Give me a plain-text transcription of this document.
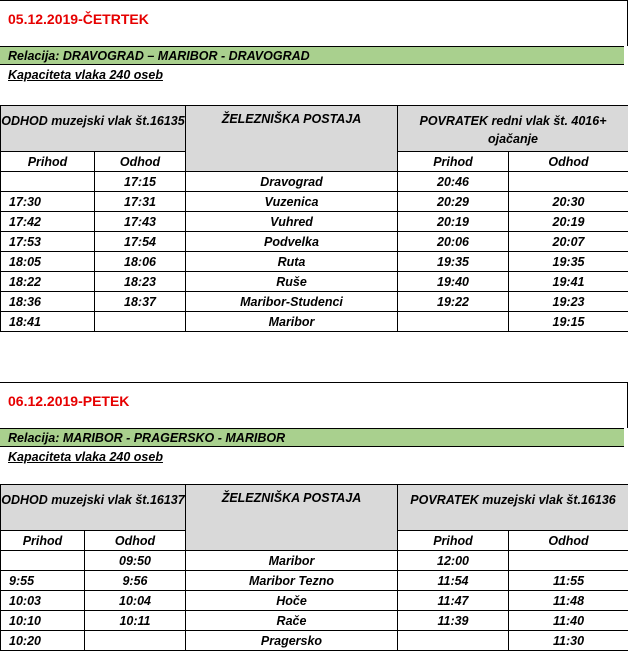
05.12.2019-ČETRTEK
Relacija: DRAVOGRAD – MARIBOR - DRAVOGRAD
Kapaciteta vlaka 240 oseb
ODHOD muzejski vlak št.16135		ŽELEZNIŠKA POSTAJA	POVRATEK redni vlak št. 4016+ ojačanje	
Prihod	Odhod		Prihod	Odhod
	17:15	Dravograd	20:46	
17:30	17:31	Vuzenica	20:29	20:30
17:42	17:43	Vuhred	20:19	20:19
17:53	17:54	Podvelka	20:06	20:07
18:05	18:06	Ruta	19:35	19:35
18:22	18:23	Ruše	19:40	19:41
18:36	18:37	Maribor-Studenci	19:22	19:23
18:41		Maribor		19:15
06.12.2019-PETEK
Relacija: MARIBOR - PRAGERSKO - MARIBOR
Kapaciteta vlaka 240 oseb
ODHOD muzejski vlak št.16137		ŽELEZNIŠKA POSTAJA	POVRATEK muzejski vlak št.16136	
Prihod	Odhod		Prihod	Odhod
	09:50	Maribor	12:00	
9:55	9:56	Maribor Tezno	11:54	11:55
10:03	10:04	Hoče	11:47	11:48
10:10	10:11	Rače	11:39	11:40
10:20		Pragersko		11:30
